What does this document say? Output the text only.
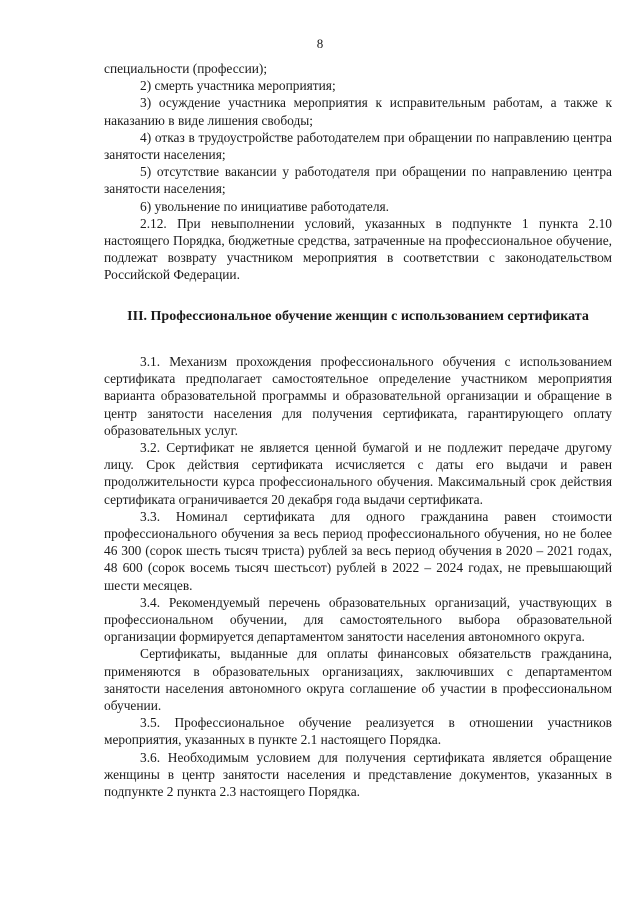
8

специальности (профессии);

2) смерть участника мероприятия;

3) осуждение участника мероприятия к исправительным работам, а также к наказанию в виде лишения свободы;

4) отказ в трудоустройстве работодателем при обращении по направлению центра занятости населения;

5) отсутствие вакансии у работодателя при обращении по направлению центра занятости населения;

6) увольнение по инициативе работодателя.

2.12. При невыполнении условий, указанных в подпункте 1 пункта 2.10 настоящего Порядка, бюджетные средства, затраченные на профессиональное обучение, подлежат возврату участником мероприятия в соответствии с законодательством Российской Федерации.

III. Профессиональное обучение женщин с использованием сертификата

3.1. Механизм прохождения профессионального обучения с использованием сертификата предполагает самостоятельное определение участником мероприятия варианта образовательной программы и образовательной организации и обращение в центр занятости населения для получения сертификата, гарантирующего оплату образовательных услуг.

3.2. Сертификат не является ценной бумагой и не подлежит передаче другому лицу. Срок действия сертификата исчисляется с даты его выдачи и равен продолжительности курса профессионального обучения. Максимальный срок действия сертификата ограничивается 20 декабря года выдачи сертификата.

3.3. Номинал сертификата для одного гражданина равен стоимости профессионального обучения за весь период профессионального обучения, но не более 46 300 (сорок шесть тысяч триста) рублей за весь период обучения в 2020 – 2021 годах, 48 600 (сорок восемь тысяч шестьсот) рублей в 2022 – 2024 годах, не превышающий шести месяцев.

3.4. Рекомендуемый перечень образовательных организаций, участвующих в профессиональном обучении, для самостоятельного выбора образовательной организации формируется департаментом занятости населения автономного округа.

Сертификаты, выданные для оплаты финансовых обязательств гражданина, применяются в образовательных организациях, заключивших с департаментом занятости населения автономного округа соглашение об участии в профессиональном обучении.

3.5. Профессиональное обучение реализуется в отношении участников мероприятия, указанных в пункте 2.1 настоящего Порядка.

3.6. Необходимым условием для получения сертификата является обращение женщины в центр занятости населения и представление документов, указанных в подпункте 2 пункта 2.3 настоящего Порядка.
